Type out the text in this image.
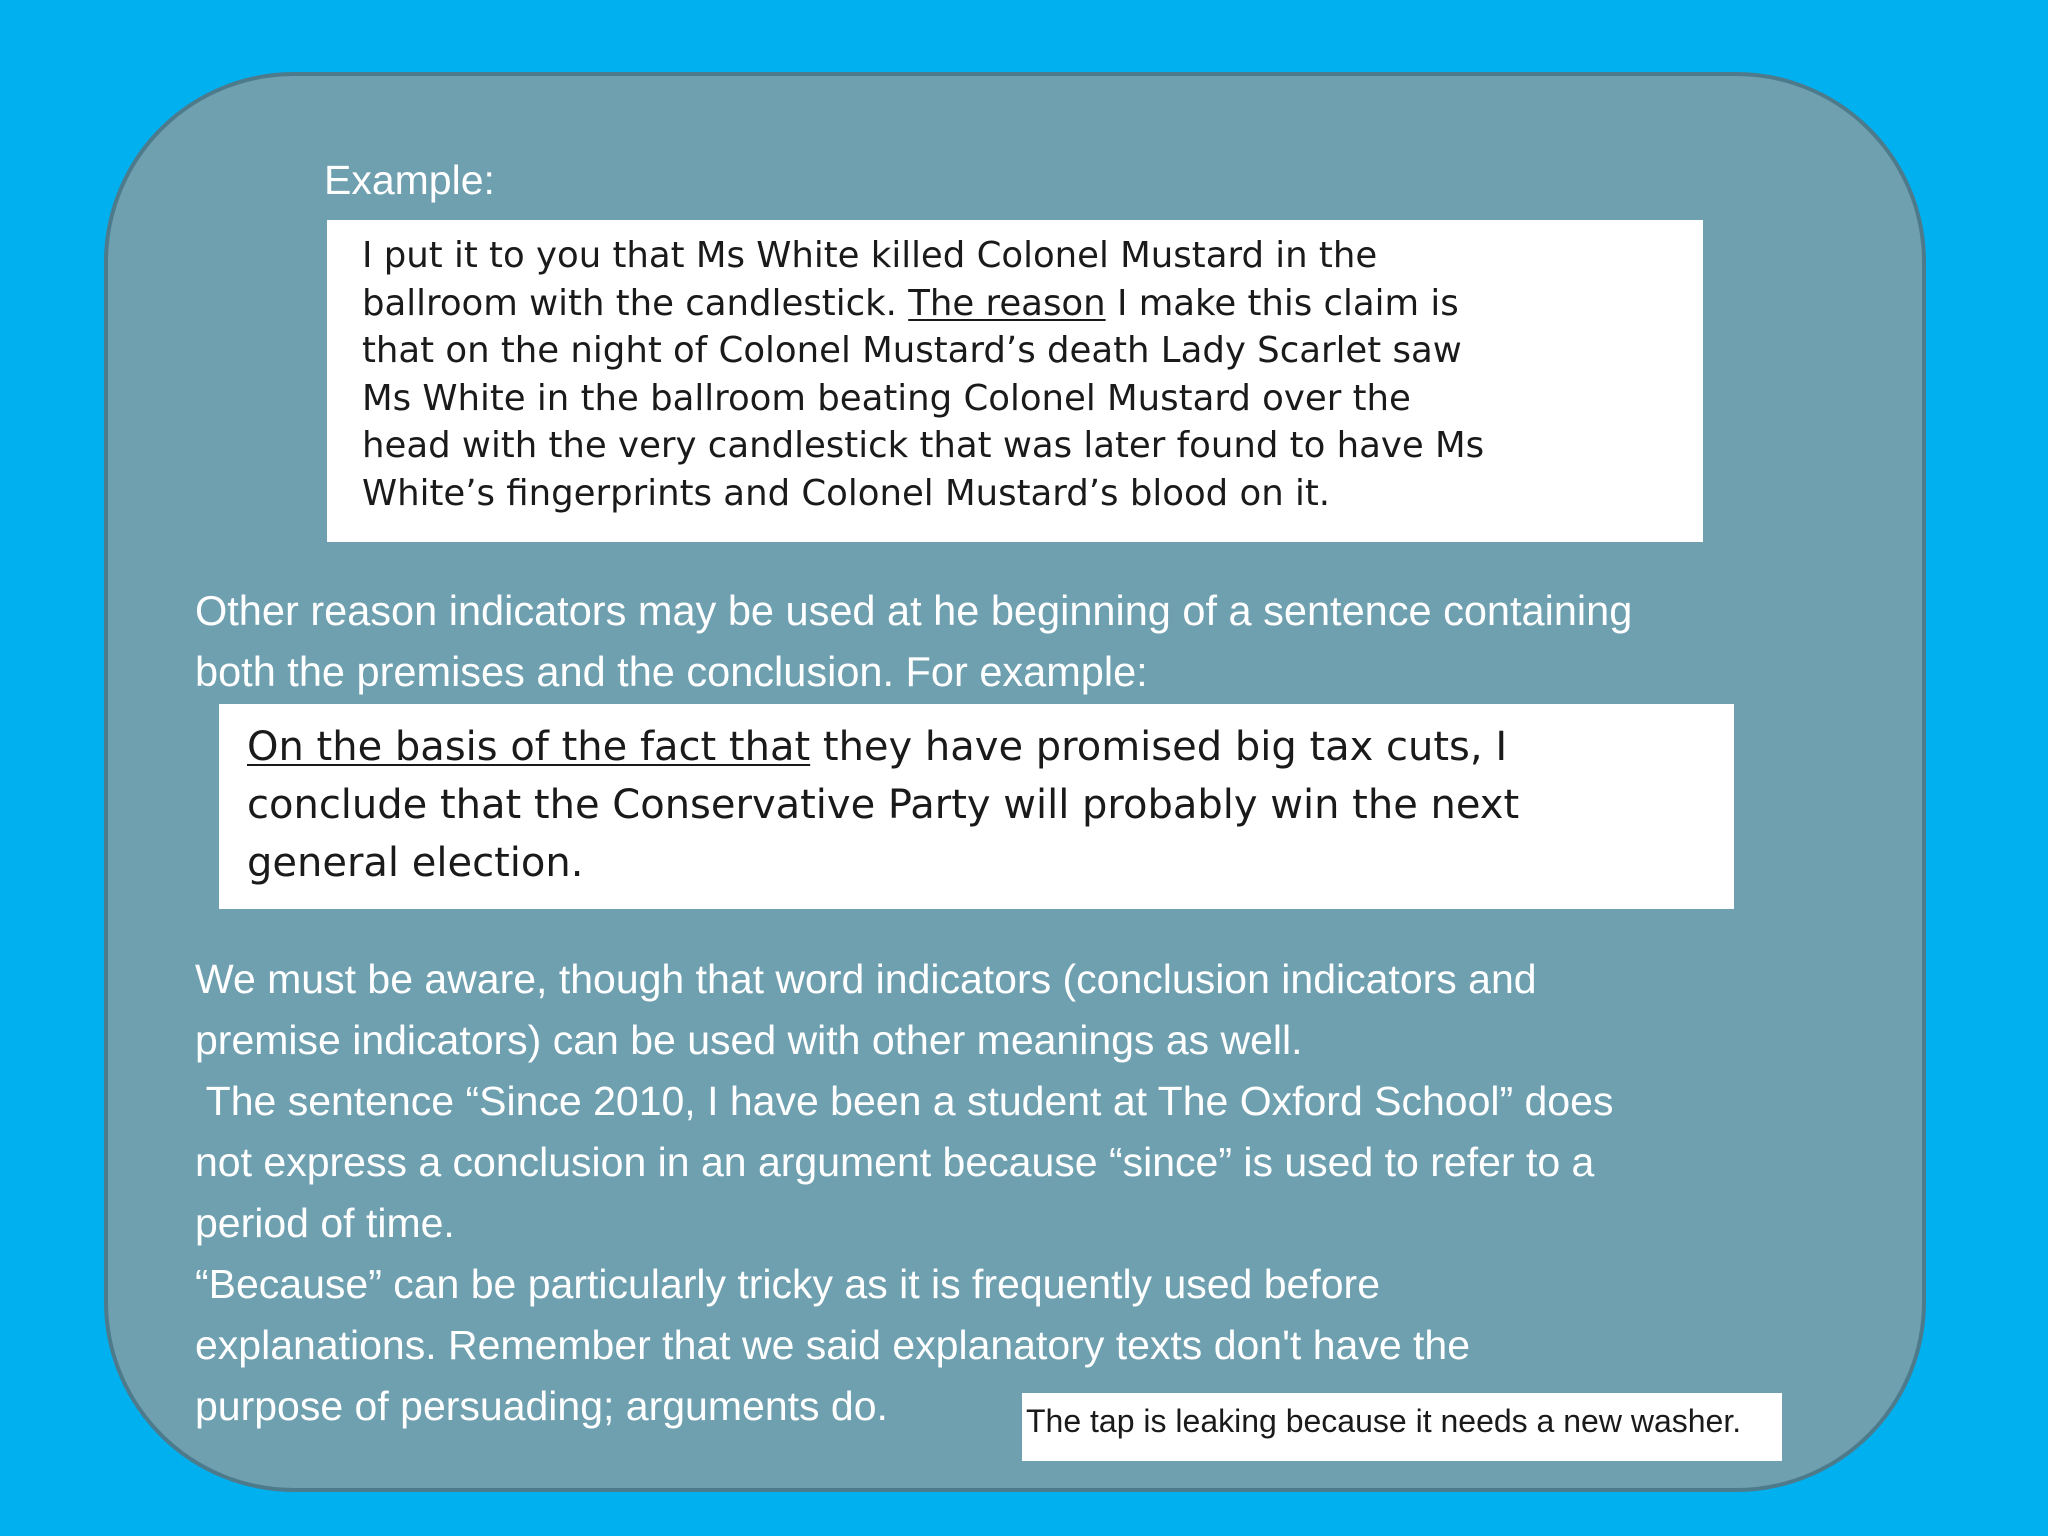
Example:

I put it to you that Ms White killed Colonel Mustard in the
ballroom with the candlestick. The reason I make this claim is
that on the night of Colonel Mustard’s death Lady Scarlet saw
Ms White in the ballroom beating Colonel Mustard over the
head with the very candlestick that was later found to have Ms
White’s fingerprints and Colonel Mustard’s blood on it.
Other reason indicators may be used at he beginning of a sentence containing
both the premises and the conclusion. For example:
On the basis of the fact that they have promised big tax cuts, I
conclude that the Conservative Party will probably win the next
general election.
We must be aware, though that word indicators (conclusion indicators and
premise indicators) can be used with other meanings as well.
The sentence “Since 2010, I have been a student at The Oxford School” does
not express a conclusion in an argument because “since” is used to refer to a
period of time.
“Because” can be particularly tricky as it is frequently used before
explanations. Remember that we said explanatory texts don't have the
purpose of persuading; arguments do.	The tap is leaking because it needs a new washer.
